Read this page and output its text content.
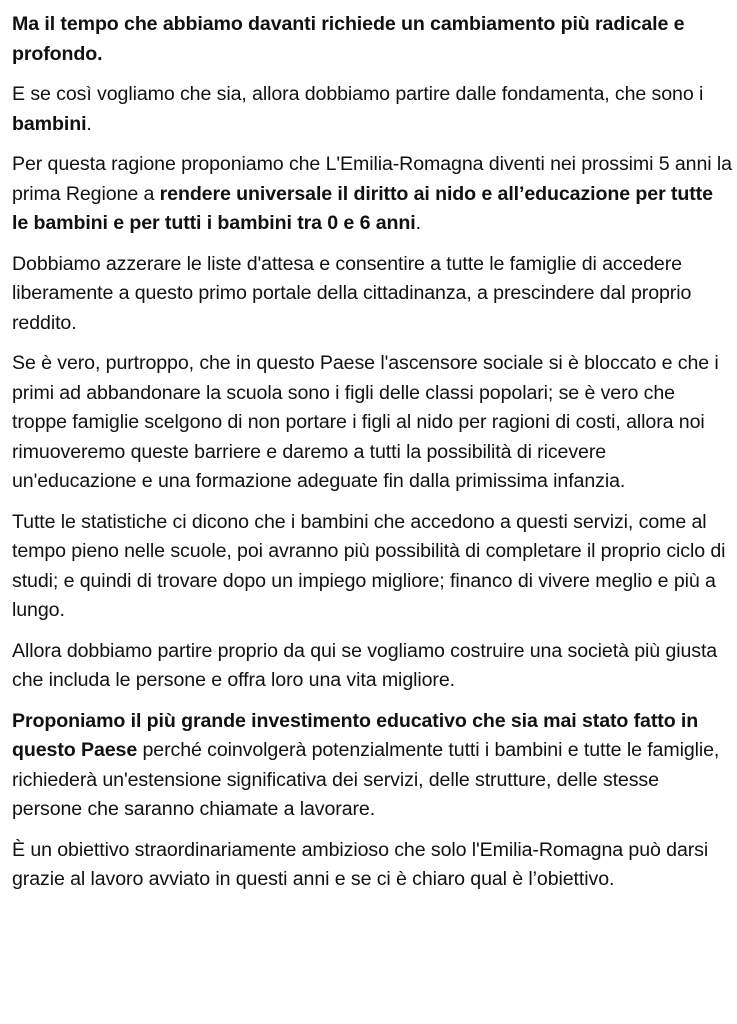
Ma il tempo che abbiamo davanti richiede un cambiamento più radicale e profondo.

E se così vogliamo che sia, allora dobbiamo partire dalle fondamenta, che sono i bambini.

Per questa ragione proponiamo che L'Emilia-Romagna diventi nei prossimi 5 anni la prima Regione a rendere universale il diritto ai nido e all’educazione per tutte le bambini e per tutti i bambini tra 0 e 6 anni.

Dobbiamo azzerare le liste d'attesa e consentire a tutte le famiglie di accedere liberamente a questo primo portale della cittadinanza, a prescindere dal proprio reddito.

Se è vero, purtroppo, che in questo Paese l'ascensore sociale si è bloccato e che i primi ad abbandonare la scuola sono i figli delle classi popolari; se è vero che troppe famiglie scelgono di non portare i figli al nido per ragioni di costi, allora noi rimuoveremo queste barriere e daremo a tutti la possibilità di ricevere un'educazione e una formazione adeguate fin dalla primissima infanzia.

Tutte le statistiche ci dicono che i bambini che accedono a questi servizi, come al tempo pieno nelle scuole, poi avranno più possibilità di completare il proprio ciclo di studi; e quindi di trovare dopo un impiego migliore; financo di vivere meglio e più a lungo.

Allora dobbiamo partire proprio da qui se vogliamo costruire una società più giusta che includa le persone e offra loro una vita migliore.

Proponiamo il più grande investimento educativo che sia mai stato fatto in questo Paese perché coinvolgerà potenzialmente tutti i bambini e tutte le famiglie, richiederà un'estensione significativa dei servizi, delle strutture, delle stesse persone che saranno chiamate a lavorare.

È un obiettivo straordinariamente ambizioso che solo l'Emilia-Romagna può darsi grazie al lavoro avviato in questi anni e se ci è chiaro qual è l’obiettivo.
